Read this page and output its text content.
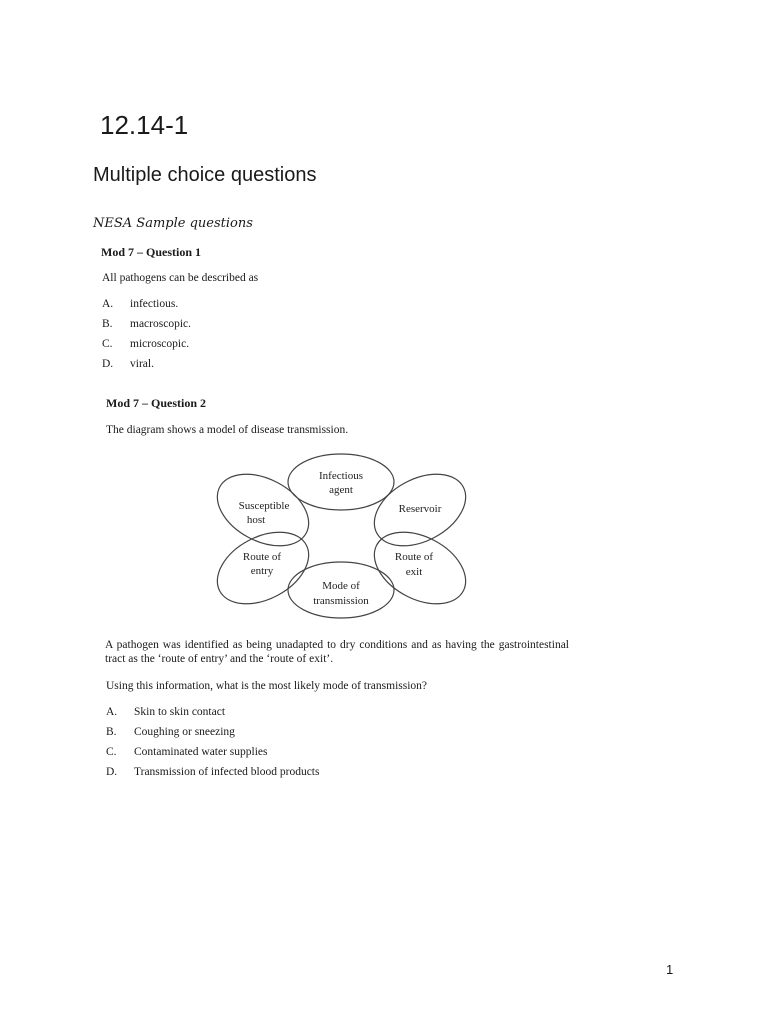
12.14-1
Multiple choice questions
NESA Sample questions
Mod 7 – Question 1
All pathogens can be described as
A. infectious.
B. macroscopic.
C. microscopic.
D. viral.
Mod 7 – Question 2
The diagram shows a model of disease transmission.
Infectious
agent
Reservoir
Route of
exit
Mode of
transmission
Route of
entry
Susceptible
host
A pathogen was identified as being unadapted to dry conditions and as having the gastrointestinal tract as the ‘route of entry’ and the ‘route of exit’.
Using this information, what is the most likely mode of transmission?
A. Skin to skin contact
B. Coughing or sneezing
C. Contaminated water supplies
D. Transmission of infected blood products
1
